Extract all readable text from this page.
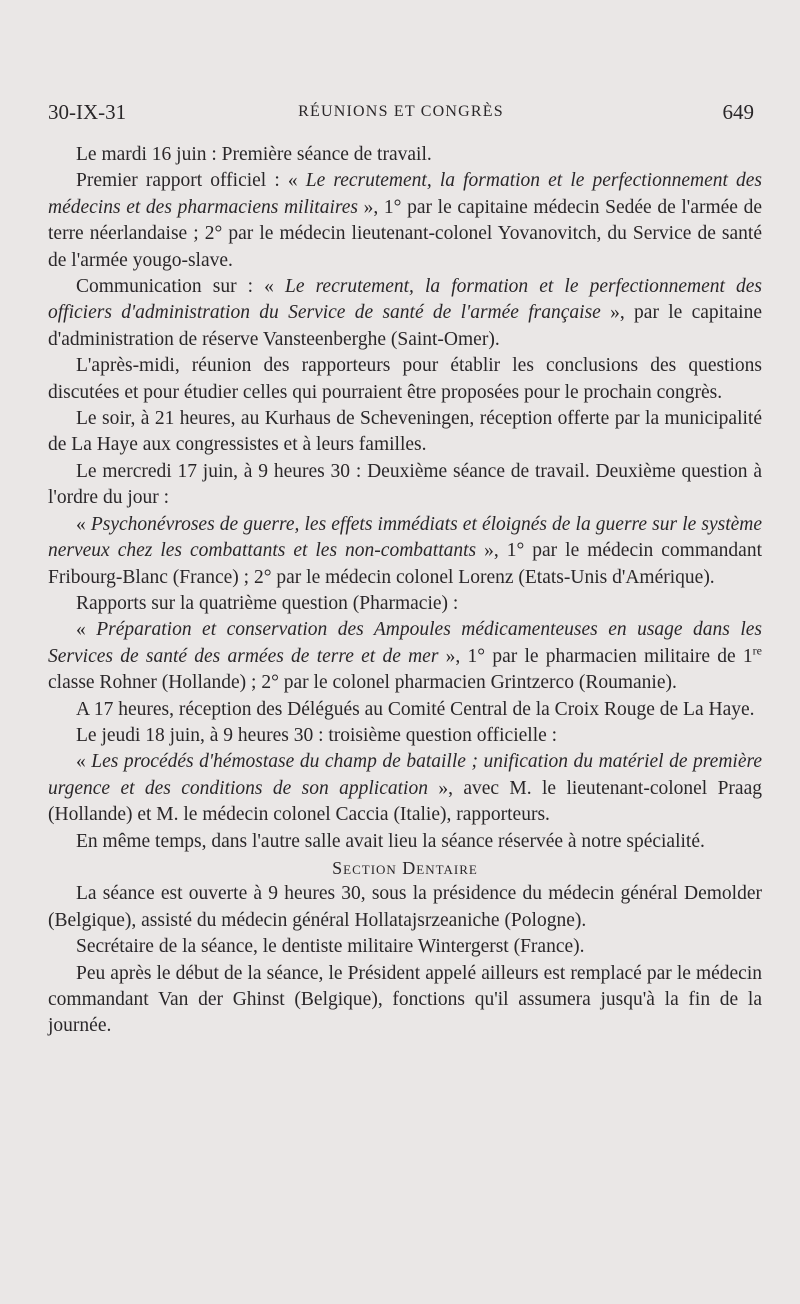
30-IX-31	RÉUNIONS ET CONGRÈS	649

Le mardi 16 juin : Première séance de travail.

Premier rapport officiel : « Le recrutement, la formation et le perfectionnement des médecins et des pharmaciens militaires », 1° par le capitaine médecin Sedée de l'armée de terre néerlandaise ; 2° par le médecin lieutenant-colonel Yovanovitch, du Service de santé de l'armée yougo-slave.

Communication sur : « Le recrutement, la formation et le perfectionnement des officiers d'administration du Service de santé de l'armée française », par le capitaine d'administration de réserve Vansteenberghe (Saint-Omer).

L'après-midi, réunion des rapporteurs pour établir les conclusions des questions discutées et pour étudier celles qui pourraient être proposées pour le prochain congrès.

Le soir, à 21 heures, au Kurhaus de Scheveningen, réception offerte par la municipalité de La Haye aux congressistes et à leurs familles.

Le mercredi 17 juin, à 9 heures 30 : Deuxième séance de travail. Deuxième question à l'ordre du jour :

« Psychonévroses de guerre, les effets immédiats et éloignés de la guerre sur le système nerveux chez les combattants et les non-combattants », 1° par le médecin commandant Fribourg-Blanc (France) ; 2° par le médecin colonel Lorenz (Etats-Unis d'Amérique).

Rapports sur la quatrième question (Pharmacie) :

« Préparation et conservation des Ampoules médicamenteuses en usage dans les Services de santé des armées de terre et de mer », 1° par le pharmacien militaire de 1re classe Rohner (Hollande) ; 2° par le colonel pharmacien Grintzerco (Roumanie).

A 17 heures, réception des Délégués au Comité Central de la Croix Rouge de La Haye.

Le jeudi 18 juin, à 9 heures 30 : troisième question officielle :

« Les procédés d'hémostase du champ de bataille ; unification du matériel de première urgence et des conditions de son application », avec M. le lieutenant-colonel Praag (Hollande) et M. le médecin colonel Caccia (Italie), rapporteurs.

En même temps, dans l'autre salle avait lieu la séance réservée à notre spécialité.

Section Dentaire

La séance est ouverte à 9 heures 30, sous la présidence du médecin général Demolder (Belgique), assisté du médecin général Hollatajsrzeaniche (Pologne).

Secrétaire de la séance, le dentiste militaire Wintergerst (France).

Peu après le début de la séance, le Président appelé ailleurs est remplacé par le médecin commandant Van der Ghinst (Belgique), fonctions qu'il assumera jusqu'à la fin de la journée.
